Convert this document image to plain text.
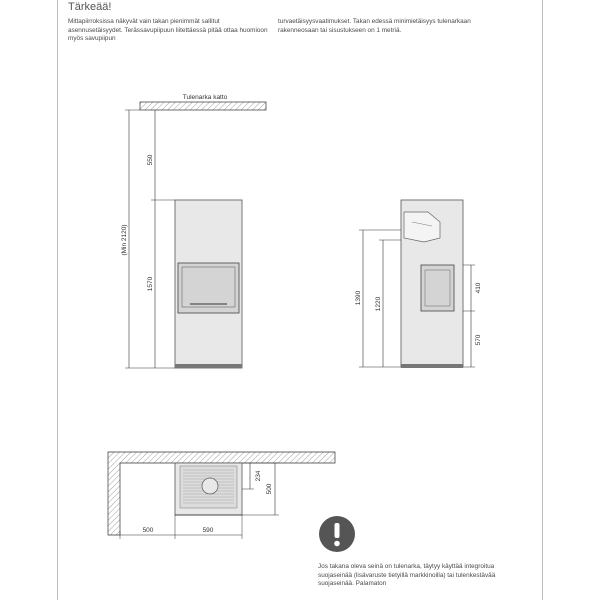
Tärkeää!

Mittapiirroksissa näkyvät vain takan pienimmät sallitut asennusetäisyydet. Terässavupiipuun liitettäessä pitää ottaa huomioon myös savupiipun

turvaetäisyysvaatimukset. Takan edessä minimietäisyys tulenarkaan rakenneosaan tai sisustukseen on 1 metriä.

Tulenarka katto
550
1570
(Min 2120)
1390 1220
410
570
500	590
234
500

Jos takana oleva seinä on tulenarka, täytyy käyttää integroitua suojaseinää (lisävaruste tietyillä markkinoilla) tai tulenkestävää suojaseinää. Palamaton
